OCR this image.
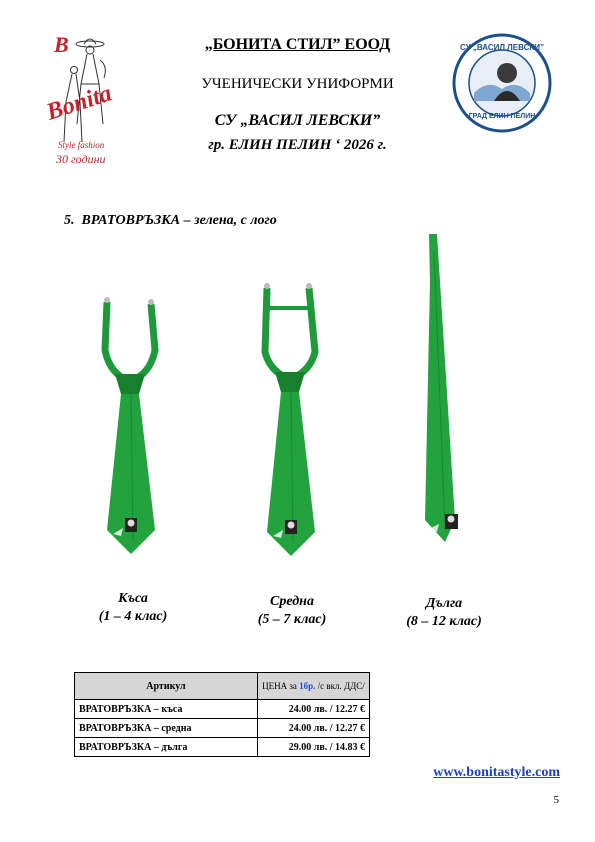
B
Bonita
Style fashion
30 години
„БОНИТА СТИЛ” ЕООД
УЧЕНИЧЕСКИ УНИФОРМИ
СУ „ВАСИЛ ЛЕВСКИ”
гр. ЕЛИН ПЕЛИН ‘ 2026 г.
СУ „ВАСИЛ ЛЕВСКИ”
ГРАД ЕЛИН ПЕЛИН
5. ВРАТОВРЪЗКА – зелена, с лого
Къса
(1 – 4 клас)
Средна
(5 – 7 клас)
Дълга
(8 – 12 клас)
Артикул	ЦЕНА за 1бр. /с вкл. ДДС/
ВРАТОВРЪЗКА – къса	24.00 лв. / 12.27 €
ВРАТОВРЪЗКА – средна	24.00 лв. / 12.27 €
ВРАТОВРЪЗКА – дълга	29.00 лв. / 14.83 €
www.bonitastyle.com
5
